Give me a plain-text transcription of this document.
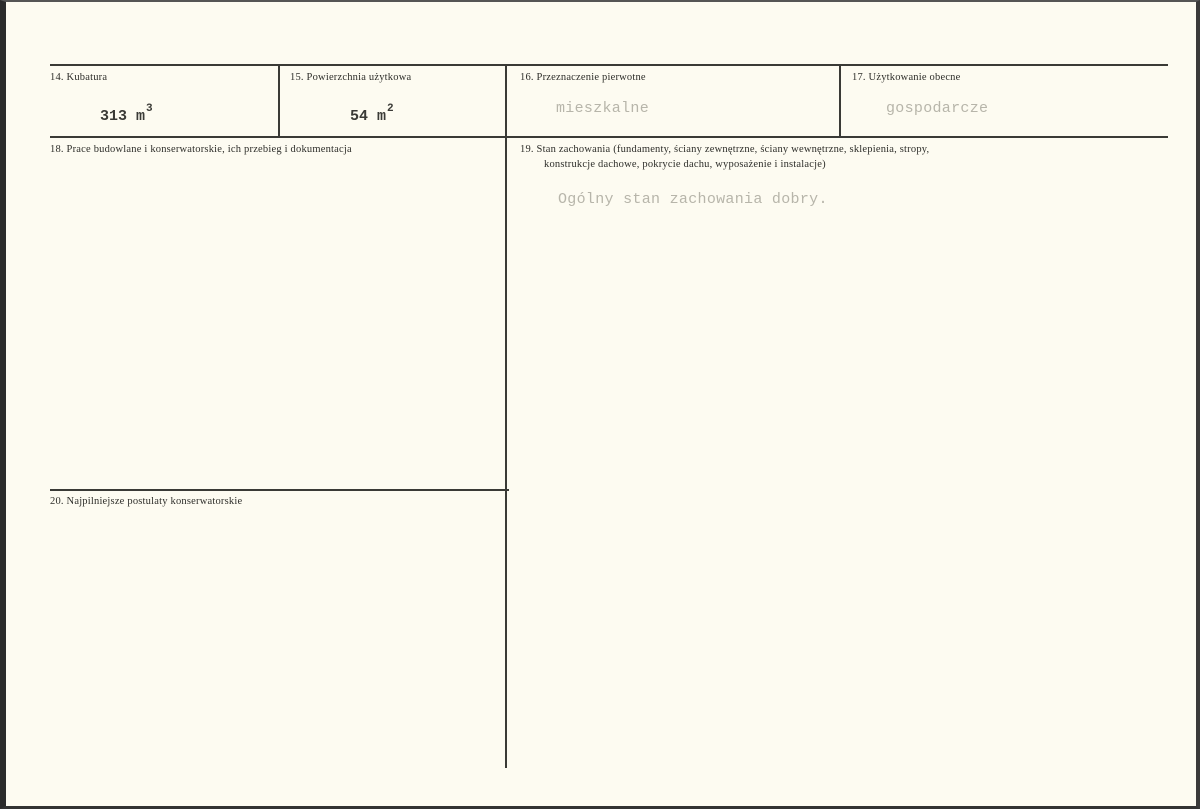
14. Kubatura
313 $m^3$
15. Powierzchnia użytkowa
54 $m^2$
16. Przeznaczenie pierwotne
mieszkalne
17. Użytkowanie obecne
gospodarcze
18. Prace budowlane i konserwatorskie, ich przebieg i dokumentacja	19. Stan zachowania (fundamenty, ściany zewnętrzne, ściany wewnętrzne, sklepienia, stropy,
konstrukcje dachowe, pokrycie dachu, wyposażenie i instalacje)
Ogólny stan zachowania dobry.
20. Najpilniejsze postulaty konserwatorskie
